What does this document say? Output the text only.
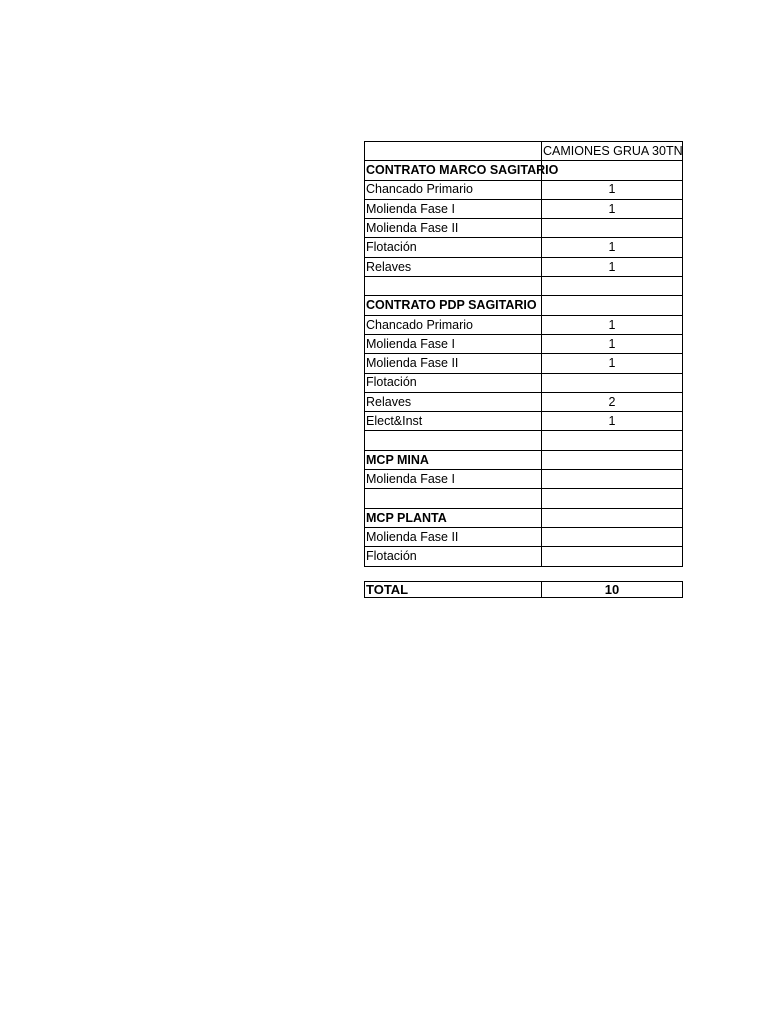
	CAMIONES GRUA 30TN
CONTRATO MARCO SAGITARIO	
Chancado Primario	1
Molienda Fase I	1
Molienda Fase II	
Flotación	1
Relaves	1

CONTRATO PDP SAGITARIO	
Chancado Primario	1
Molienda Fase I	1
Molienda Fase II	1
Flotación	
Relaves	2
Elect&Inst	1

MCP MINA	
Molienda Fase I	

MCP PLANTA	
Molienda Fase II	
Flotación	
TOTAL	10
